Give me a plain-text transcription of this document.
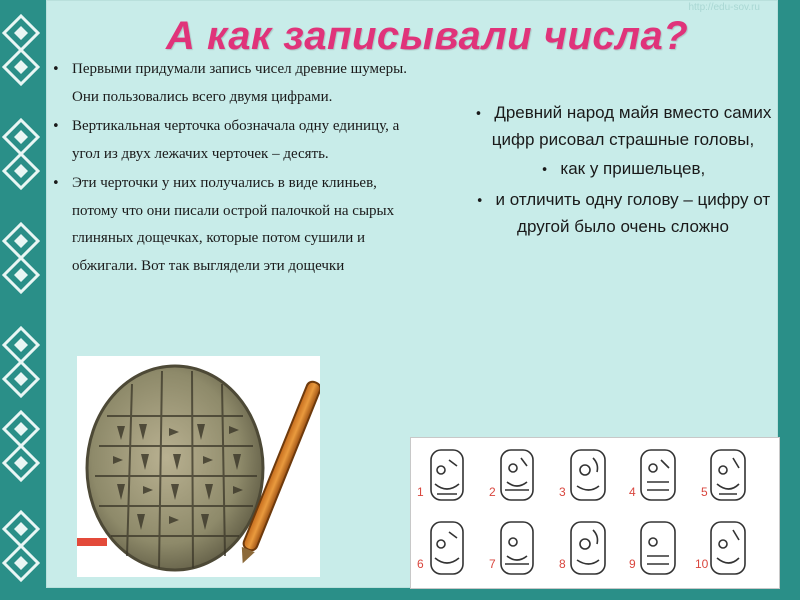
http://edu-sov.ru
А как записывали числа?
• Первыми придумали запись чисел древние шумеры. Они пользовались всего двумя цифрами.
• Вертикальная черточка обозначала одну единицу, а угол из двух лежачих черточек – десять.
• Эти черточки у них получались в виде клиньев, потому что они писали острой палочкой на сырых глиняных дощечках, которые потом сушили и обжигали. Вот так выглядели эти дощечки
• Древний народ майя вместо самих цифр рисовал страшные головы,
• как у пришельцев,
• и отличить одну голову – цифру от другой было очень сложно
1	2	3	4	5
6	7	8	9	10
